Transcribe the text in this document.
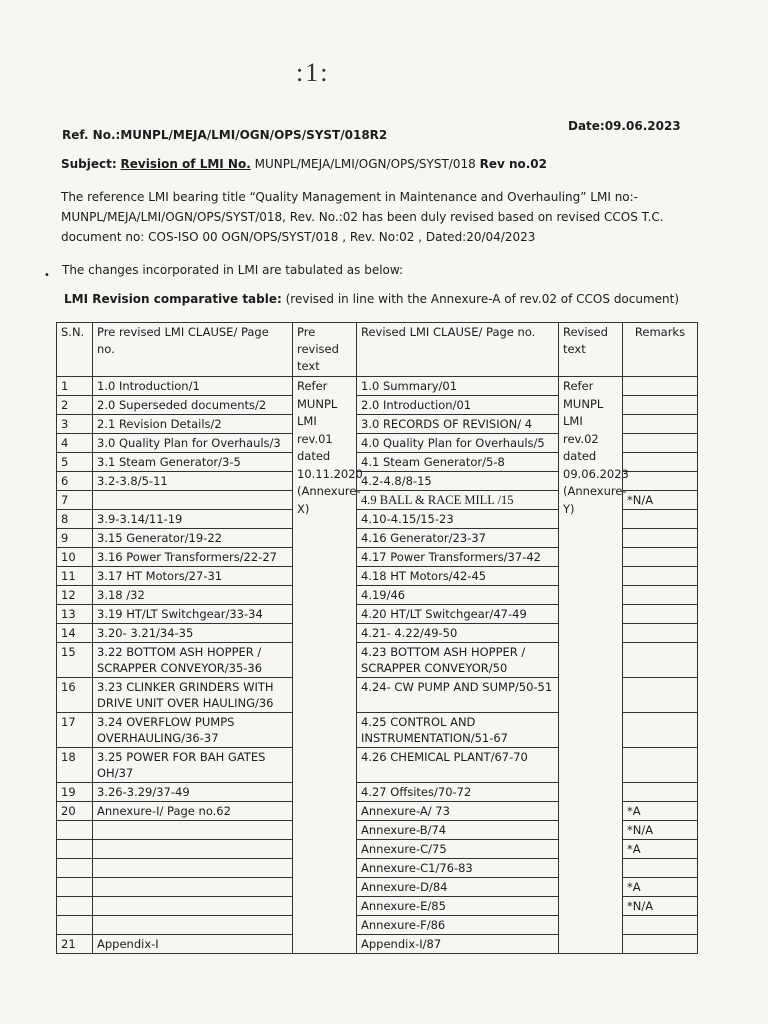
:1:
Ref. No.:MUNPL/MEJA/LMI/OGN/OPS/SYST/018R2
Date:09.06.2023
Subject: Revision of LMI No. MUNPL/MEJA/LMI/OGN/OPS/SYST/018 Rev no.02
The reference LMI bearing title “Quality Management in Maintenance and Overhauling” LMI no:-
MUNPL/MEJA/LMI/OGN/OPS/SYST/018, Rev. No.:02 has been duly revised based on revised CCOS T.C.
document no: COS-ISO 00 OGN/OPS/SYST/018 , Rev. No:02 , Dated:20/04/2023
• The changes incorporated in LMI are tabulated as below:
LMI Revision comparative table: (revised in line with the Annexure-A of rev.02 of CCOS document)
S.N.	Pre revised LMI CLAUSE/ Page no.	Pre revised text	Revised LMI CLAUSE/ Page no.	Revised text	Remarks
1	1.0 Introduction/1	Refer MUNPL LMI rev.01 dated 10.11.2020 (Annexure-X)	1.0 Summary/01	Refer MUNPL LMI rev.02 dated 09.06.2023 (Annexure-Y)	
2	2.0 Superseded documents/2		2.0 Introduction/01		
3	2.1 Revision Details/2		3.0 RECORDS OF REVISION/ 4		
4	3.0 Quality Plan for Overhauls/3		4.0 Quality Plan for Overhauls/5		
5	3.1 Steam Generator/3-5		4.1 Steam Generator/5-8		
6	3.2-3.8/5-11		4.2-4.8/8-15		
7			4.9 BALL & RACE MILL /15		*N/A
8	3.9-3.14/11-19		4.10-4.15/15-23		
9	3.15 Generator/19-22		4.16 Generator/23-37		
10	3.16 Power Transformers/22-27		4.17 Power Transformers/37-42		
11	3.17 HT Motors/27-31		4.18 HT Motors/42-45		
12	3.18 /32		4.19/46		
13	3.19 HT/LT Switchgear/33-34		4.20 HT/LT Switchgear/47-49		
14	3.20- 3.21/34-35		4.21- 4.22/49-50		
15	3.22 BOTTOM ASH HOPPER / SCRAPPER CONVEYOR/35-36		4.23 BOTTOM ASH HOPPER / SCRAPPER CONVEYOR/50		
16	3.23 CLINKER GRINDERS WITH DRIVE UNIT OVER HAULING/36		4.24- CW PUMP AND SUMP/50-51		
17	3.24 OVERFLOW PUMPS OVERHAULING/36-37		4.25 CONTROL AND INSTRUMENTATION/51-67		
18	3.25 POWER FOR BAH GATES OH/37		4.26 CHEMICAL PLANT/67-70		
19	3.26-3.29/37-49		4.27 Offsites/70-72		
20	Annexure-I/ Page no.62		Annexure-A/ 73		*A
			Annexure-B/74		*N/A
			Annexure-C/75		*A
			Annexure-C1/76-83		
			Annexure-D/84		*A
			Annexure-E/85		*N/A
			Annexure-F/86		
21	Appendix-I		Appendix-I/87		
